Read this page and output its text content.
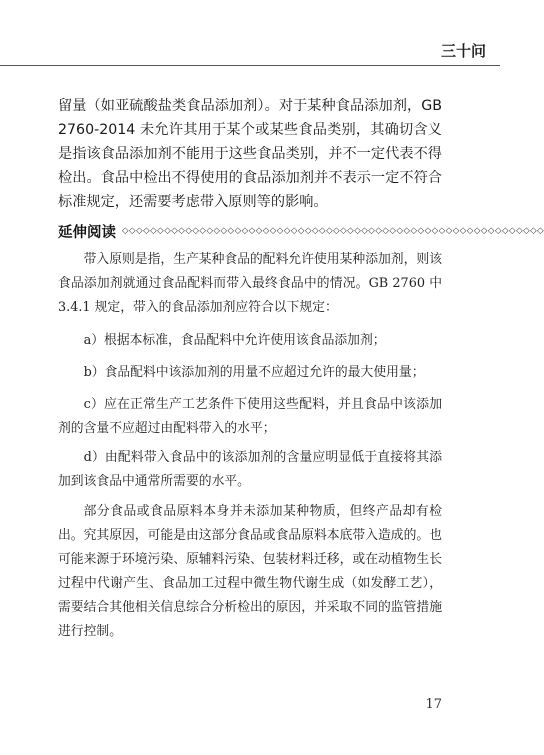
三十问
留量（如亚硫酸盐类食品添加剂）。对于某种食品添加剂，GB 2760-2014 未允许其用于某个或某些食品类别，其确切含义是指该食品添加剂不能用于这些食品类别，并不一定代表不得检出。食品中检出不得使用的食品添加剂并不表示一定不符合标准规定，还需要考虑带入原则等的影响。
延伸阅读 ◇◇◇◇◇◇◇◇◇◇◇◇◇◇◇◇◇◇◇◇◇◇◇◇◇◇◇◇◇◇◇◇◇◇◇◇◇◇◇◇◇◇◇◇◇◇◇◇◇◇◇◇◇◇◇◇◇◇◇◇

带入原则是指，生产某种食品的配料允许使用某种添加剂，则该食品添加剂就通过食品配料而带入最终食品中的情况。GB 2760 中 3.4.1 规定，带入的食品添加剂应符合以下规定：

a）根据本标准，食品配料中允许使用该食品添加剂；

b）食品配料中该添加剂的用量不应超过允许的最大使用量；

c）应在正常生产工艺条件下使用这些配料，并且食品中该添加剂的含量不应超过由配料带入的水平；

d）由配料带入食品中的该添加剂的含量应明显低于直接将其添加到该食品中通常所需要的水平。

部分食品或食品原料本身并未添加某种物质，但终产品却有检出。究其原因，可能是由这部分食品或食品原料本底带入造成的。也可能来源于环境污染、原辅料污染、包装材料迁移，或在动植物生长过程中代谢产生、食品加工过程中微生物代谢生成（如发酵工艺），需要结合其他相关信息综合分析检出的原因，并采取不同的监管措施进行控制。

17
